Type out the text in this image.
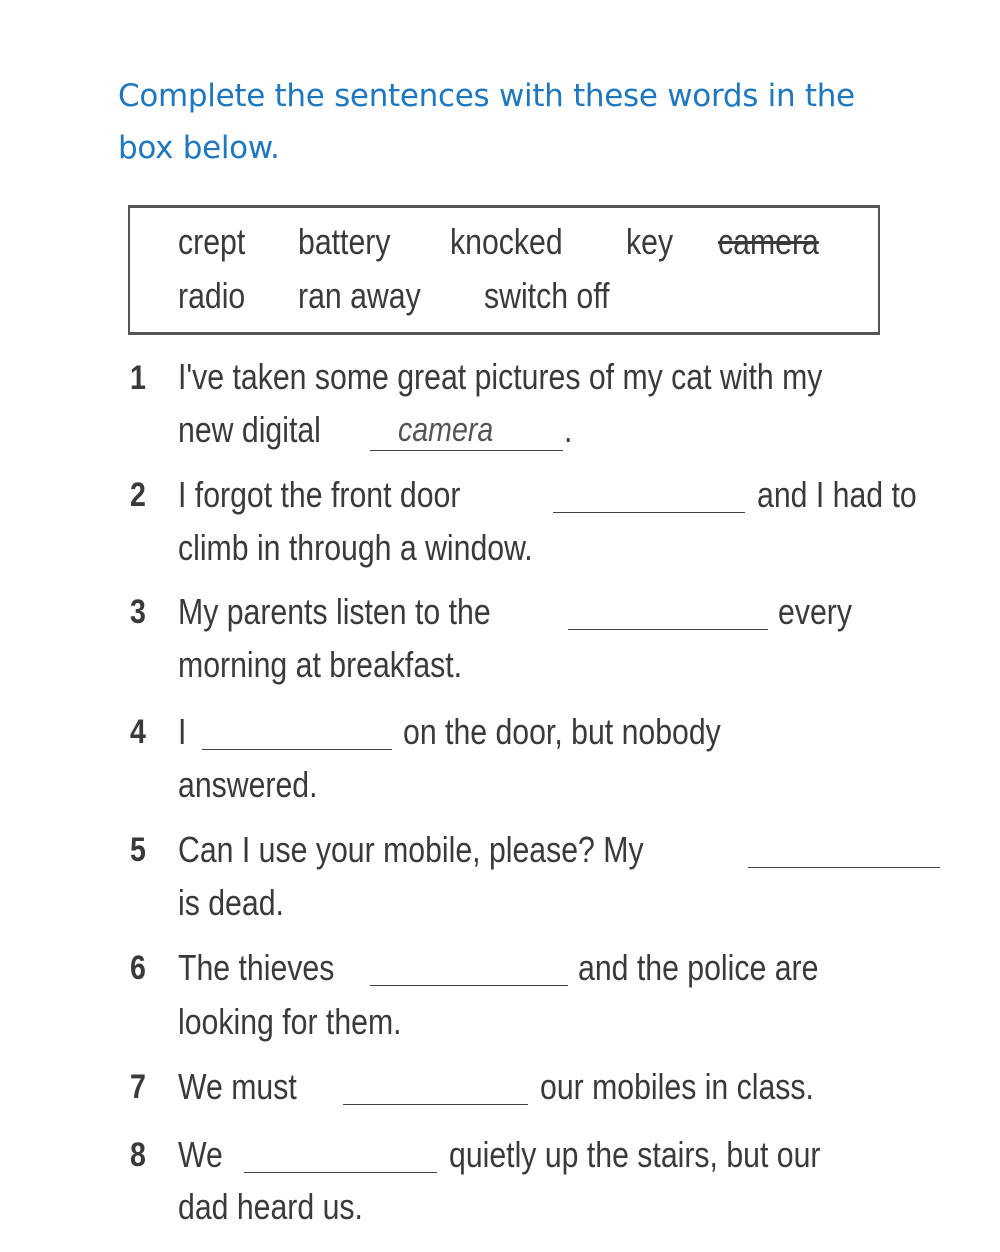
Complete the sentences with these words in the
box below.
crept battery knocked key camera
radio ran away switch off
1 I've taken some great pictures of my cat with my
new digital camera .
2 I forgot the front door	and I had to
climb in through a window.
3 My parents listen to the	every
morning at breakfast.
4 I	on the door, but nobody
answered.
5 Can I use your mobile, please? My
is dead.
6 The thieves	and the police are
looking for them.
7 We must	our mobiles in class.
8 We	quietly up the stairs, but our
dad heard us.
